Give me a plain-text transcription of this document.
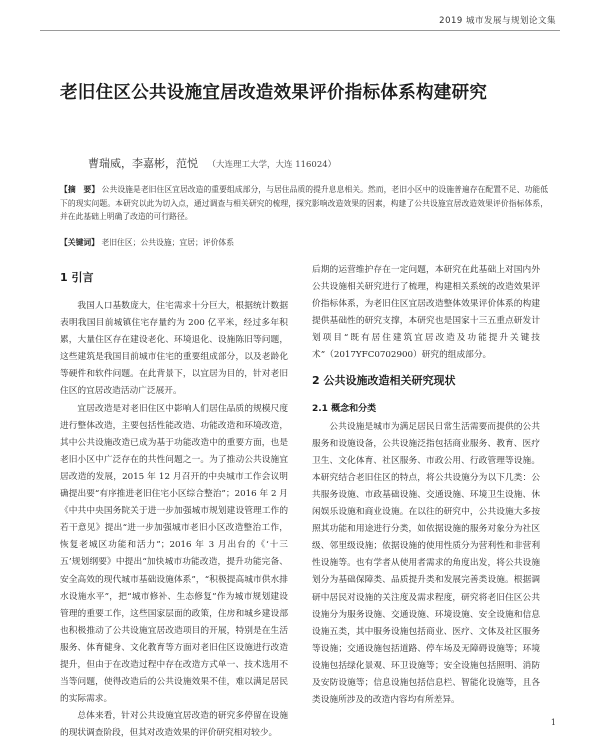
2019 城市发展与规划论文集
老旧住区公共设施宜居改造效果评价指标体系构建研究
曹瑞威，李嘉彬，范悦 （大连理工大学，大连 116024）
【摘　要】 公共设施是老旧住区宜居改造的重要组成部分，与居住品质的提升息息相关。然而，老旧小区中的设施普遍存在配置不足、功能低下的现实问题。本研究以此为切入点，通过调查与相关研究的梳理，探究影响改造效果的因素，构建了公共设施宜居改造效果评价指标体系，并在此基础上明确了改造的可行路径。
【关键词】 老旧住区；公共设施；宜居；评价体系
1 引言

我国人口基数庞大，住宅需求十分巨大，根据统计数据表明我国目前城镇住宅存量约为 200 亿平米，经过多年积累，大量住区存在建设老化、环境退化、设施陈旧等问题，这些建筑是我国目前城市住宅的重要组成部分，以及老龄化等硬件和软件问题。在此背景下，以宜居为目的，针对老旧住区的宜居改造活动广泛展开。

宜居改造是对老旧住区中影响人们居住品质的规模尺度进行整体改造，主要包括性能改造、功能改造和环境改造，其中公共设施改造已成为基于功能改造中的重要方面，也是老旧小区中广泛存在的共性问题之一。为了推动公共设施宜居改造的发展，2015 年 12 月召开的中央城市工作会议明确提出要“有序推进老旧住宅小区综合整治”；2016 年 2 月《中共中央国务院关于进一步加强城市规划建设管理工作的若干意见》提出“进一步加强城市老旧小区改造整治工作，恢复老城区功能和活力”；2016 年 3 月出台的《‘十三五’规划纲要》中提出“加快城市功能改造，提升功能完备、安全高效的现代城市基础设施体系”，“积极提高城市供水排水设施水平”，把“城市修补、生态修复”作为城市规划建设管理的重要工作，这些国家层面的政策，住房和城乡建设部也积极推动了公共设施宜居改造项目的开展，特别是在生活服务、体育健身、文化教育等方面对老旧住区设施进行改造提升，但由于在改造过程中存在改造方式单一、技术选用不当等问题，使得改造后的公共设施效果不佳，难以满足居民的实际需求。

总体来看，针对公共设施宜居改造的研究多停留在设施的现状调查阶段，但其对改造效果的评价研究相对较少。

后期的运营维护存在一定问题，本研究在此基础上对国内外公共设施相关研究进行了梳理，构建相关系统的改造效果评价指标体系，为老旧住区宜居改造整体效果评价体系的构建提供基础性的研究支撑，本研究也是国家十三五重点研发计划项目“既有居住建筑宜居改造及功能提升关键技术”（2017YFC0702900）研究的组成部分。

2 公共设施改造相关研究现状
2.1 概念和分类

公共设施是城市为满足居民日常生活需要而提供的公共服务和设施设备，公共设施泛指包括商业服务、教育、医疗卫生、文化体育、社区服务、市政公用、行政管理等设施。本研究结合老旧住区的特点，将公共设施分为以下几类：公共服务设施、市政基础设施、交通设施、环境卫生设施、休闲娱乐设施和商业设施。在以往的研究中，公共设施大多按照其功能和用途进行分类，如依据设施的服务对象分为社区级、邻里级设施；依据设施的使用性质分为营利性和非营利性设施等。也有学者从使用者需求的角度出发，将公共设施划分为基础保障类、品质提升类和发展完善类设施。根据调研中居民对设施的关注度及需求程度，研究将老旧住区公共设施分为服务设施、交通设施、环境设施、安全设施和信息设施五类，其中服务设施包括商业、医疗、文体及社区服务等设施；交通设施包括道路、停车场及无障碍设施等；环境设施包括绿化景观、环卫设施等；安全设施包括照明、消防及安防设施等；信息设施包括信息栏、智能化设施等，且各类设施所涉及的改造内容均有所差异。

1
